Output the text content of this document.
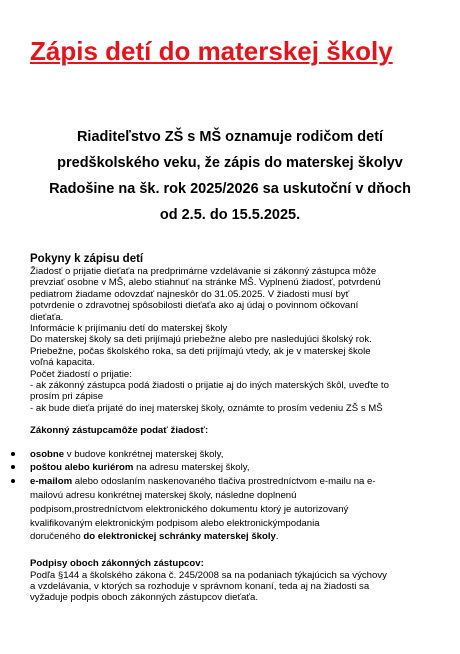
Zápis detí do materskej školy
Riaditeľstvo ZŠ s MŠ oznamuje rodičom detí
predškolského veku, že zápis do materskej školyv
Radošine na šk. rok 2025/2026 sa uskutoční v dňoch
od 2.5. do 15.5.2025.
Pokyny k zápisu detí
Žiadosť o prijatie dieťaťa na predprimárne vzdelávanie si zákonný zástupca môže
prevziať osobne v MŠ, alebo stiahnuť na stránke MŠ. Vyplnenú žiadosť, potvrdenú
pediatrom žiadame odovzdať najneskôr do 31.05.2025. V žiadosti musí byť
potvrdenie o zdravotnej spôsobilosti dieťaťa ako aj údaj o povinnom očkovaní
dieťaťa.
Informácie k prijímaniu detí do materskej školy
Do materskej školy sa deti prijímajú priebežne alebo pre nasledujúci školský rok.
Priebežne, počas školského roka, sa deti prijímajú vtedy, ak je v materskej škole
voľná kapacita.
Počet žiadostí o prijatie:
- ak zákonný zástupca podá žiadosti o prijatie aj do iných materských škôl, uveďte to
prosím pri zápise
- ak bude dieťa prijaté do inej materskej školy, oznámte to prosím vedeniu ZŠ s MŠ
Zákonný zástupcamôže podať žiadosť:
osobne v budove konkrétnej materskej školy,
poštou alebo kuriérom na adresu materskej školy,
e-mailom alebo odoslaním naskenovaného tlačiva prostredníctvom e-mailu na e-
mailovú adresu konkrétnej materskej školy, následne doplnenú
podpisom,prostredníctvom elektronického dokumentu ktorý je autorizovaný
kvalifikovaným elektronickým podpisom alebo elektronickýmpodania
doručeného do elektronickej schránky materskej školy.
Podpisy oboch zákonných zástupcov:
Podľa §144 a školského zákona č. 245/2008 sa na podaniach týkajúcich sa výchovy
a vzdelávania, v ktorých sa rozhoduje v správnom konaní, teda aj na žiadosti sa
vyžaduje podpis oboch zákonných zástupcov dieťaťa.
